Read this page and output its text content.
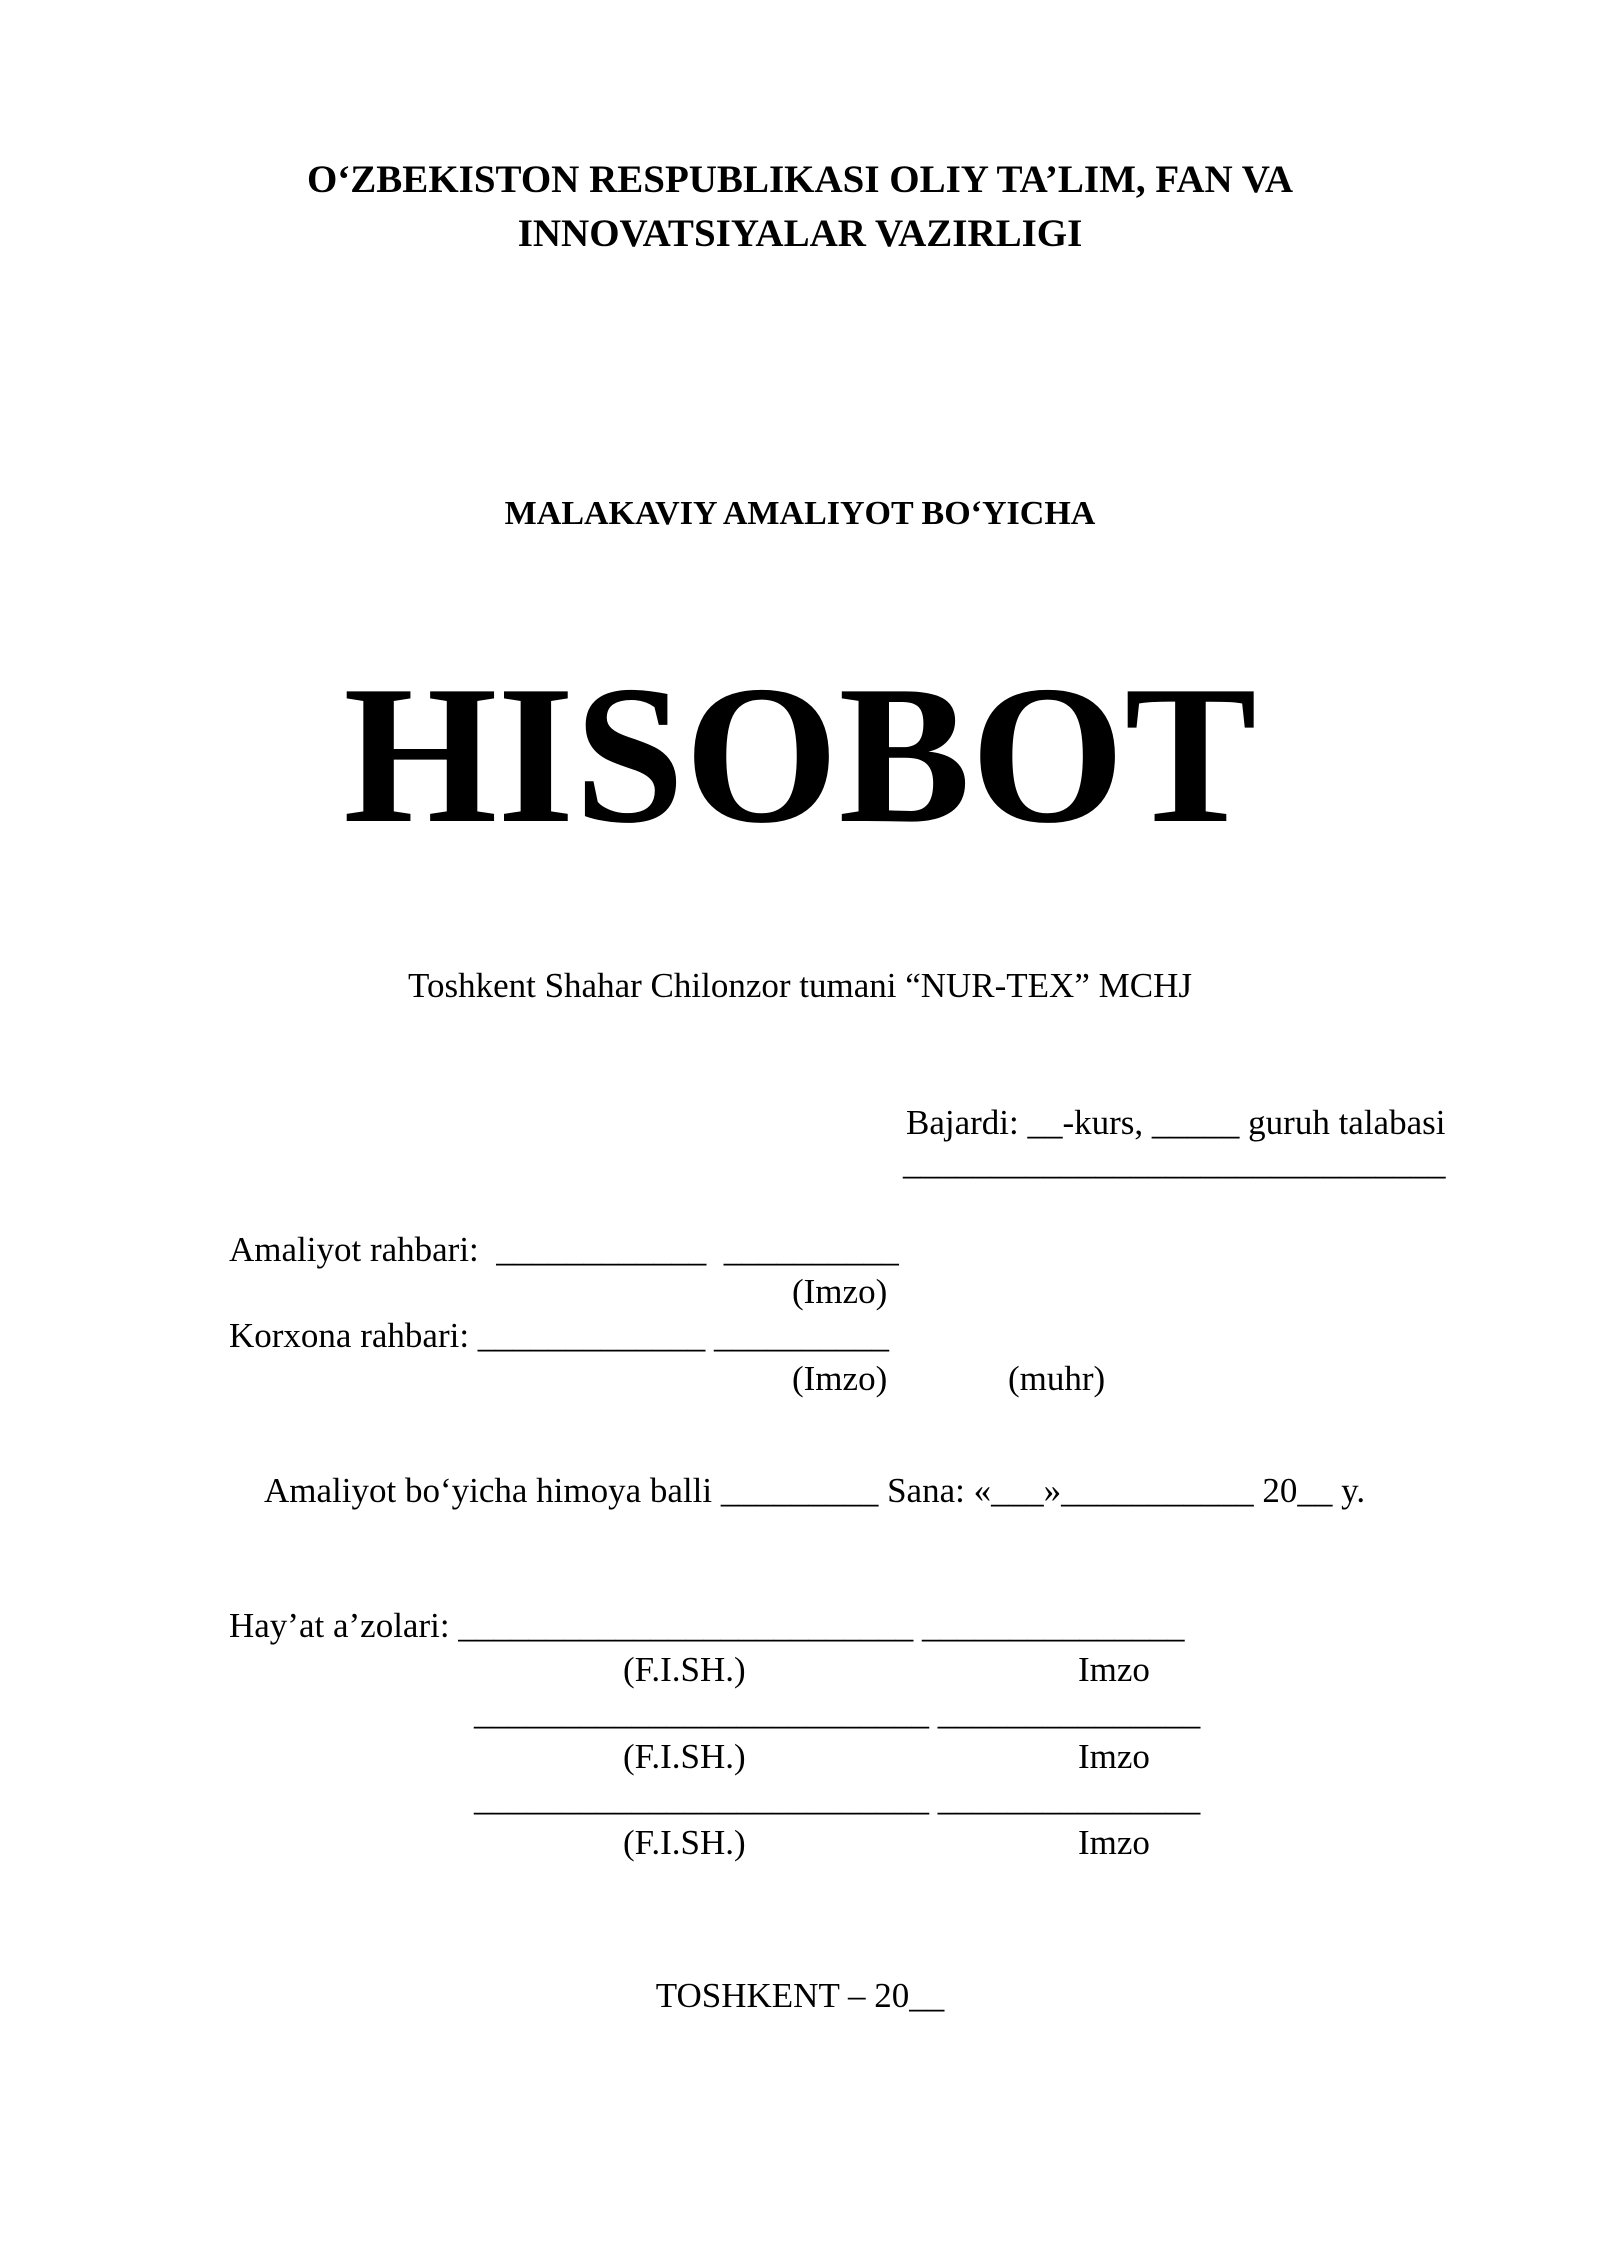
O‘ZBEKISTON RESPUBLIKASI OLIY TA’LIM, FAN VA
INNOVATSIYALAR VAZIRLIGI
MALAKAVIY AMALIYOT BO‘YICHA
HISOBOT
Toshkent Shahar Chilonzor tumani “NUR-TEX” MCHJ
Bajardi: __-kurs, _____ guruh talabasi
_______________________________
Amaliyot rahbari:  ____________  __________
(Imzo)
Korxona rahbari: _____________ __________
(Imzo)	(muhr)
Amaliyot bo‘yicha himoya balli _________ Sana: «___»___________ 20__ y.
Hay’at a’zolari: __________________________ _______________
(F.I.SH.)	Imzo
__________________________ _______________
(F.I.SH.)	Imzo
__________________________ _______________
(F.I.SH.)	Imzo
TOSHKENT – 20__
